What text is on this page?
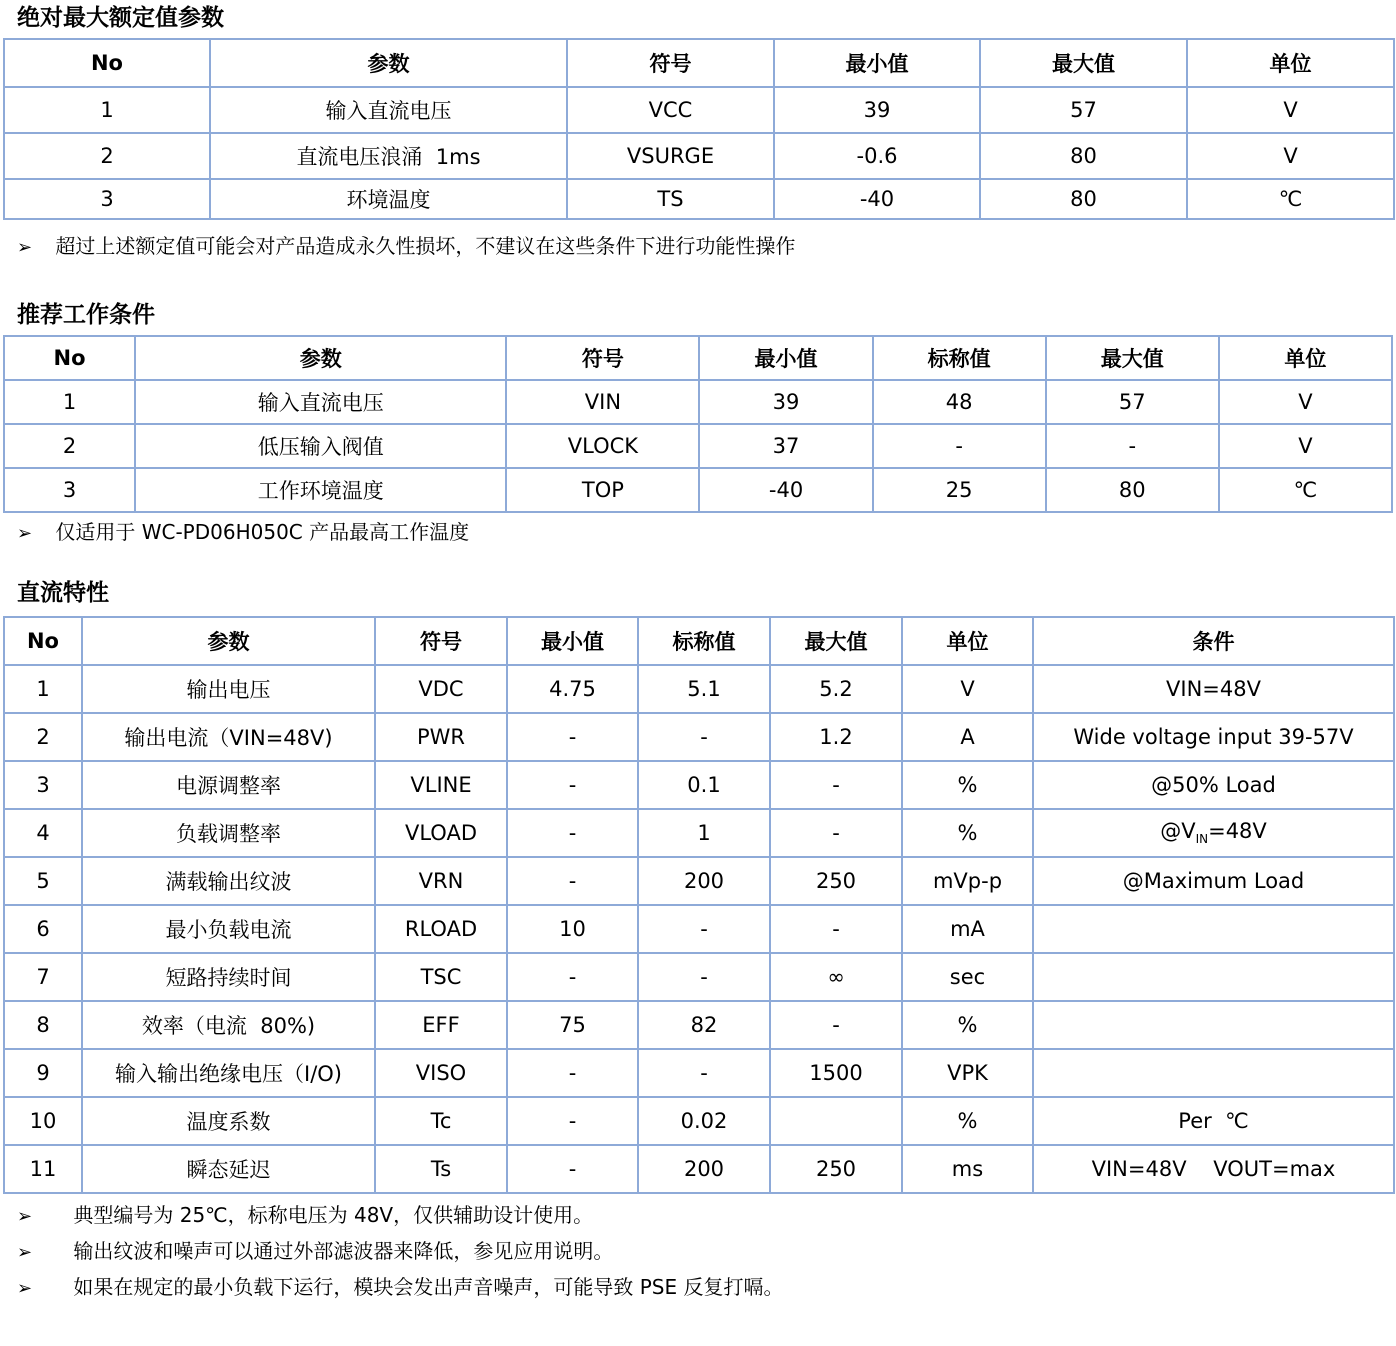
绝对最大额定值参数
No	参数	符号	最小值	最大值	单位
1	输入直流电压	VCC	39	57	V
2	直流电压浪涌  1ms	VSURGE	-0.6	80	V
3	环境温度	TS	-40	80	℃

➢ 超过上述额定值可能会对产品造成永久性损坏，不建议在这些条件下进行功能性操作

推荐工作条件
No	参数	符号	最小值	标称值	最大值	单位
1	输入直流电压	VIN	39	48	57	V
2	低压输入阀值	VLOCK	37	-	-	V
3	工作环境温度	TOP	-40	25	80	℃

➢ 仅适用于 WC-PD06H050C 产品最高工作温度

直流特性
No	参数	符号	最小值	标称值	最大值	单位	条件
1	输出电压	VDC	4.75	5.1	5.2	V	VIN=48V
2	输出电流（VIN=48V)	PWR	-	-	1.2	A	Wide voltage input 39-57V
3	电源调整率	VLINE	-	0.1	-	%	@50% Load
4	负载调整率	VLOAD	-	1	-	%	$@V_{IN}=48V$
5	满载输出纹波	VRN	-	200	250	mVp-p	@Maximum Load
6	最小负载电流	RLOAD	10	-	-	mA	
7	短路持续时间	TSC	-	-	∞	sec	
8	效率（电流  80%)	EFF	75	82	-	%	
9	输入输出绝缘电压（I/O)	VISO	-	-	1500	VPK	
10	温度系数	Tc	-	0.02		%	Per  ℃
11	瞬态延迟	Ts	-	200	250	ms	VIN=48V    VOUT=max

➢ 典型编号为 25℃，标称电压为 48V，仅供辅助设计使用。

➢ 输出纹波和噪声可以通过外部滤波器来降低，参见应用说明。

➢ 如果在规定的最小负载下运行，模块会发出声音噪声，可能导致 PSE 反复打嗝。
